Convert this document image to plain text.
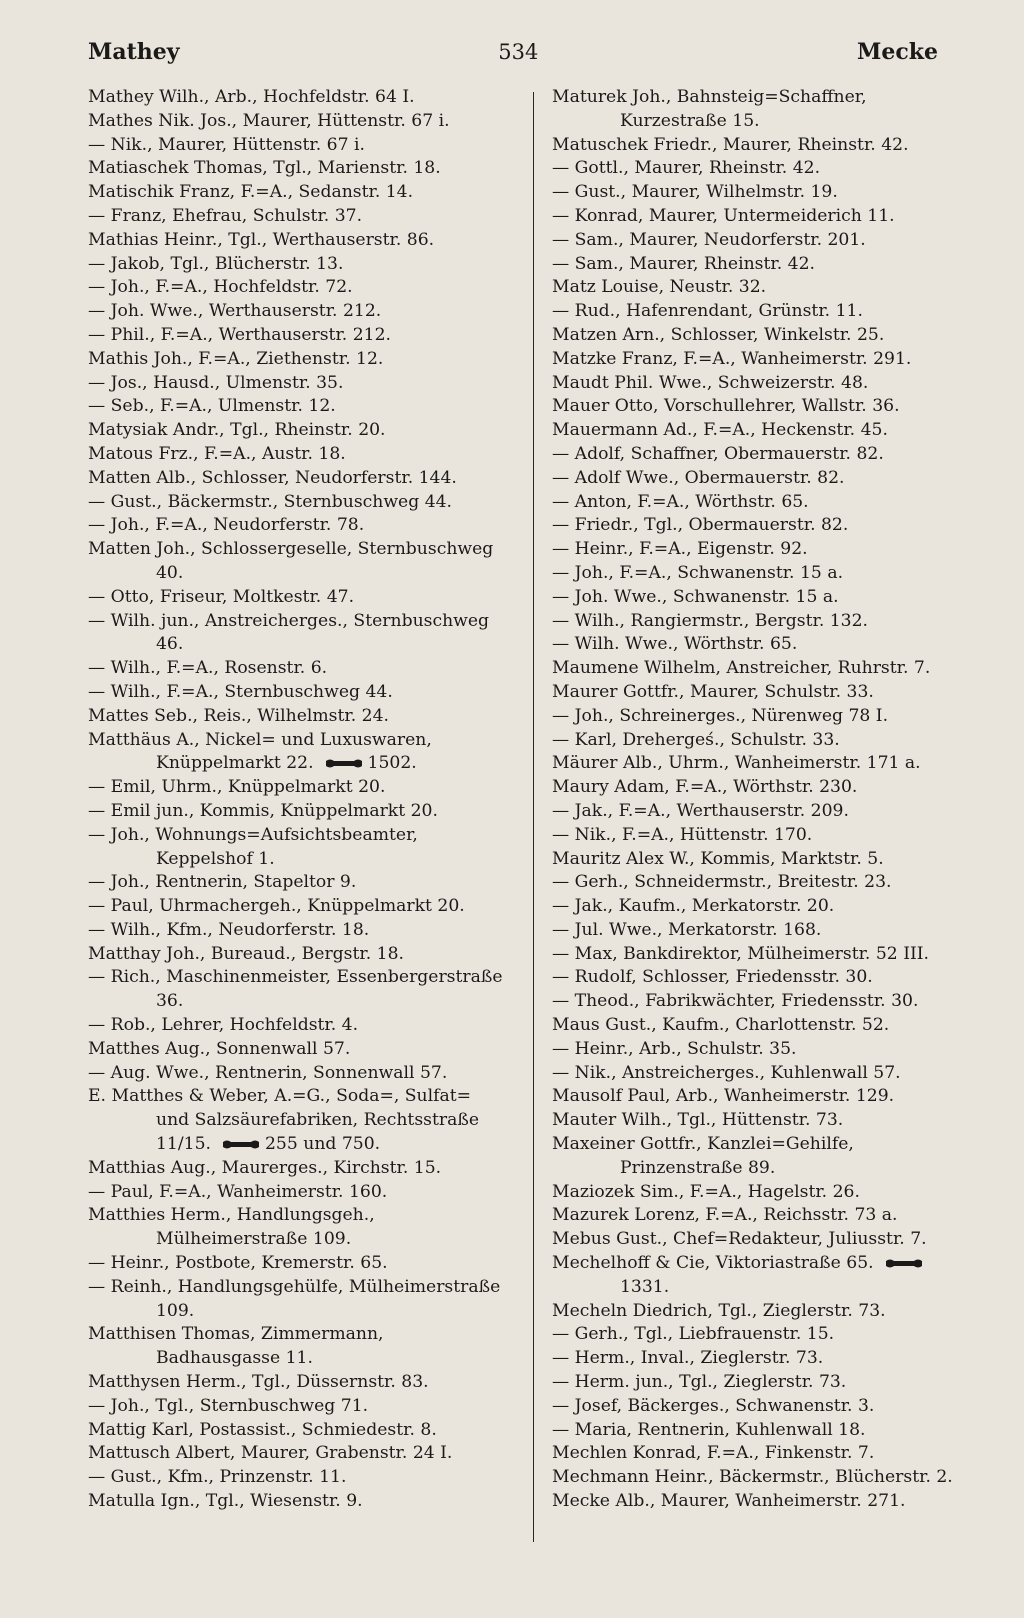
Mathey	534	Mecke
Mathey Wilh., Arb., Hochfeldstr. 64 I.
Mathes Nik. Jos., Maurer, Hüttenstr. 67 i.
— Nik., Maurer, Hüttenstr. 67 i.
Matiaschek Thomas, Tgl., Marienstr. 18.
Matischik Franz, F.=A., Sedanstr. 14.
— Franz, Ehefrau, Schulstr. 37.
Mathias Heinr., Tgl., Werthauserstr. 86.
— Jakob, Tgl., Blücherstr. 13.
— Joh., F.=A., Hochfeldstr. 72.
— Joh. Wwe., Werthauserstr. 212.
— Phil., F.=A., Werthauserstr. 212.
Mathis Joh., F.=A., Ziethenstr. 12.
— Jos., Hausd., Ulmenstr. 35.
— Seb., F.=A., Ulmenstr. 12.
Matysiak Andr., Tgl., Rheinstr. 20.
Matous Frz., F.=A., Austr. 18.
Matten Alb., Schlosser, Neudorferstr. 144.
— Gust., Bäckermstr., Sternbuschweg 44.
— Joh., F.=A., Neudorferstr. 78.
Matten Joh., Schlossergeselle, Sternbuschweg 40.
— Otto, Friseur, Moltkestr. 47.
— Wilh. jun., Anstreicherges., Sternbuschweg 46.
— Wilh., F.=A., Rosenstr. 6.
— Wilh., F.=A., Sternbuschweg 44.
Mattes Seb., Reis., Wilhelmstr. 24.
Matthäus A., Nickel= und Luxuswaren, Knüppelmarkt 22.	1502.
— Emil, Uhrm., Knüppelmarkt 20.
— Emil jun., Kommis, Knüppelmarkt 20.
— Joh., Wohnungs=Aufsichtsbeamter, Keppelshof 1.
— Joh., Rentnerin, Stapeltor 9.
— Paul, Uhrmachergeh., Knüppelmarkt 20.
— Wilh., Kfm., Neudorferstr. 18.
Matthay Joh., Bureaud., Bergstr. 18.
— Rich., Maschinenmeister, Essenbergerstraße 36.
— Rob., Lehrer, Hochfeldstr. 4.
Matthes Aug., Sonnenwall 57.
— Aug. Wwe., Rentnerin, Sonnenwall 57.
E. Matthes & Weber, A.=G., Soda=, Sulfat= und Salzsäurefabriken, Rechtsstraße 11/15.	255 und 750.
Matthias Aug., Maurerges., Kirchstr. 15.
— Paul, F.=A., Wanheimerstr. 160.
Matthies Herm., Handlungsgeh., Mülheimerstraße 109.
— Heinr., Postbote, Kremerstr. 65.
— Reinh., Handlungsgehülfe, Mülheimerstraße 109.
Matthisen Thomas, Zimmermann, Badhausgasse 11.
Matthysen Herm., Tgl., Düssernstr. 83.
— Joh., Tgl., Sternbuschweg 71.
Mattig Karl, Postassist., Schmiedestr. 8.
Mattusch Albert, Maurer, Grabenstr. 24 I.
— Gust., Kfm., Prinzenstr. 11.
Matulla Ign., Tgl., Wiesenstr. 9.
Maturek Joh., Bahnsteig=Schaffner, Kurzestraße 15.
Matuschek Friedr., Maurer, Rheinstr. 42.
— Gottl., Maurer, Rheinstr. 42.
— Gust., Maurer, Wilhelmstr. 19.
— Konrad, Maurer, Untermeiderich 11.
— Sam., Maurer, Neudorferstr. 201.
— Sam., Maurer, Rheinstr. 42.
Matz Louise, Neustr. 32.
— Rud., Hafenrendant, Grünstr. 11.
Matzen Arn., Schlosser, Winkelstr. 25.
Matzke Franz, F.=A., Wanheimerstr. 291.
Maudt Phil. Wwe., Schweizerstr. 48.
Mauer Otto, Vorschullehrer, Wallstr. 36.
Mauermann Ad., F.=A., Heckenstr. 45.
— Adolf, Schaffner, Obermauerstr. 82.
— Adolf Wwe., Obermauerstr. 82.
— Anton, F.=A., Wörthstr. 65.
— Friedr., Tgl., Obermauerstr. 82.
— Heinr., F.=A., Eigenstr. 92.
— Joh., F.=A., Schwanenstr. 15 a.
— Joh. Wwe., Schwanenstr. 15 a.
— Wilh., Rangiermstr., Bergstr. 132.
— Wilh. Wwe., Wörthstr. 65.
Maumene Wilhelm, Anstreicher, Ruhrstr. 7.
Maurer Gottfr., Maurer, Schulstr. 33.
— Joh., Schreinerges., Nürenweg 78 I.
— Karl, Drehergeś., Schulstr. 33.
Mäurer Alb., Uhrm., Wanheimerstr. 171 a.
Maury Adam, F.=A., Wörthstr. 230.
— Jak., F.=A., Werthauserstr. 209.
— Nik., F.=A., Hüttenstr. 170.
Mauritz Alex W., Kommis, Marktstr. 5.
— Gerh., Schneidermstr., Breitestr. 23.
— Jak., Kaufm., Merkatorstr. 20.
— Jul. Wwe., Merkatorstr. 168.
— Max, Bankdirektor, Mülheimerstr. 52 III.
— Rudolf, Schlosser, Friedensstr. 30.
— Theod., Fabrikwächter, Friedensstr. 30.
Maus Gust., Kaufm., Charlottenstr. 52.
— Heinr., Arb., Schulstr. 35.
— Nik., Anstreicherges., Kuhlenwall 57.
Mausolf Paul, Arb., Wanheimerstr. 129.
Mauter Wilh., Tgl., Hüttenstr. 73.
Maxeiner Gottfr., Kanzlei=Gehilfe, Prinzenstraße 89.
Maziozek Sim., F.=A., Hagelstr. 26.
Mazurek Lorenz, F.=A., Reichsstr. 73 a.
Mebus Gust., Chef=Redakteur, Juliusstr. 7.
Mechelhoff & Cie, Viktoriastraße 65.1331.
Mecheln Diedrich, Tgl., Zieglerstr. 73.
— Gerh., Tgl., Liebfrauenstr. 15.
— Herm., Inval., Zieglerstr. 73.
— Herm. jun., Tgl., Zieglerstr. 73.
— Josef, Bäckerges., Schwanenstr. 3.
— Maria, Rentnerin, Kuhlenwall 18.
Mechlen Konrad, F.=A., Finkenstr. 7.
Mechmann Heinr., Bäckermstr., Blücherstr. 2.
Mecke Alb., Maurer, Wanheimerstr. 271.
